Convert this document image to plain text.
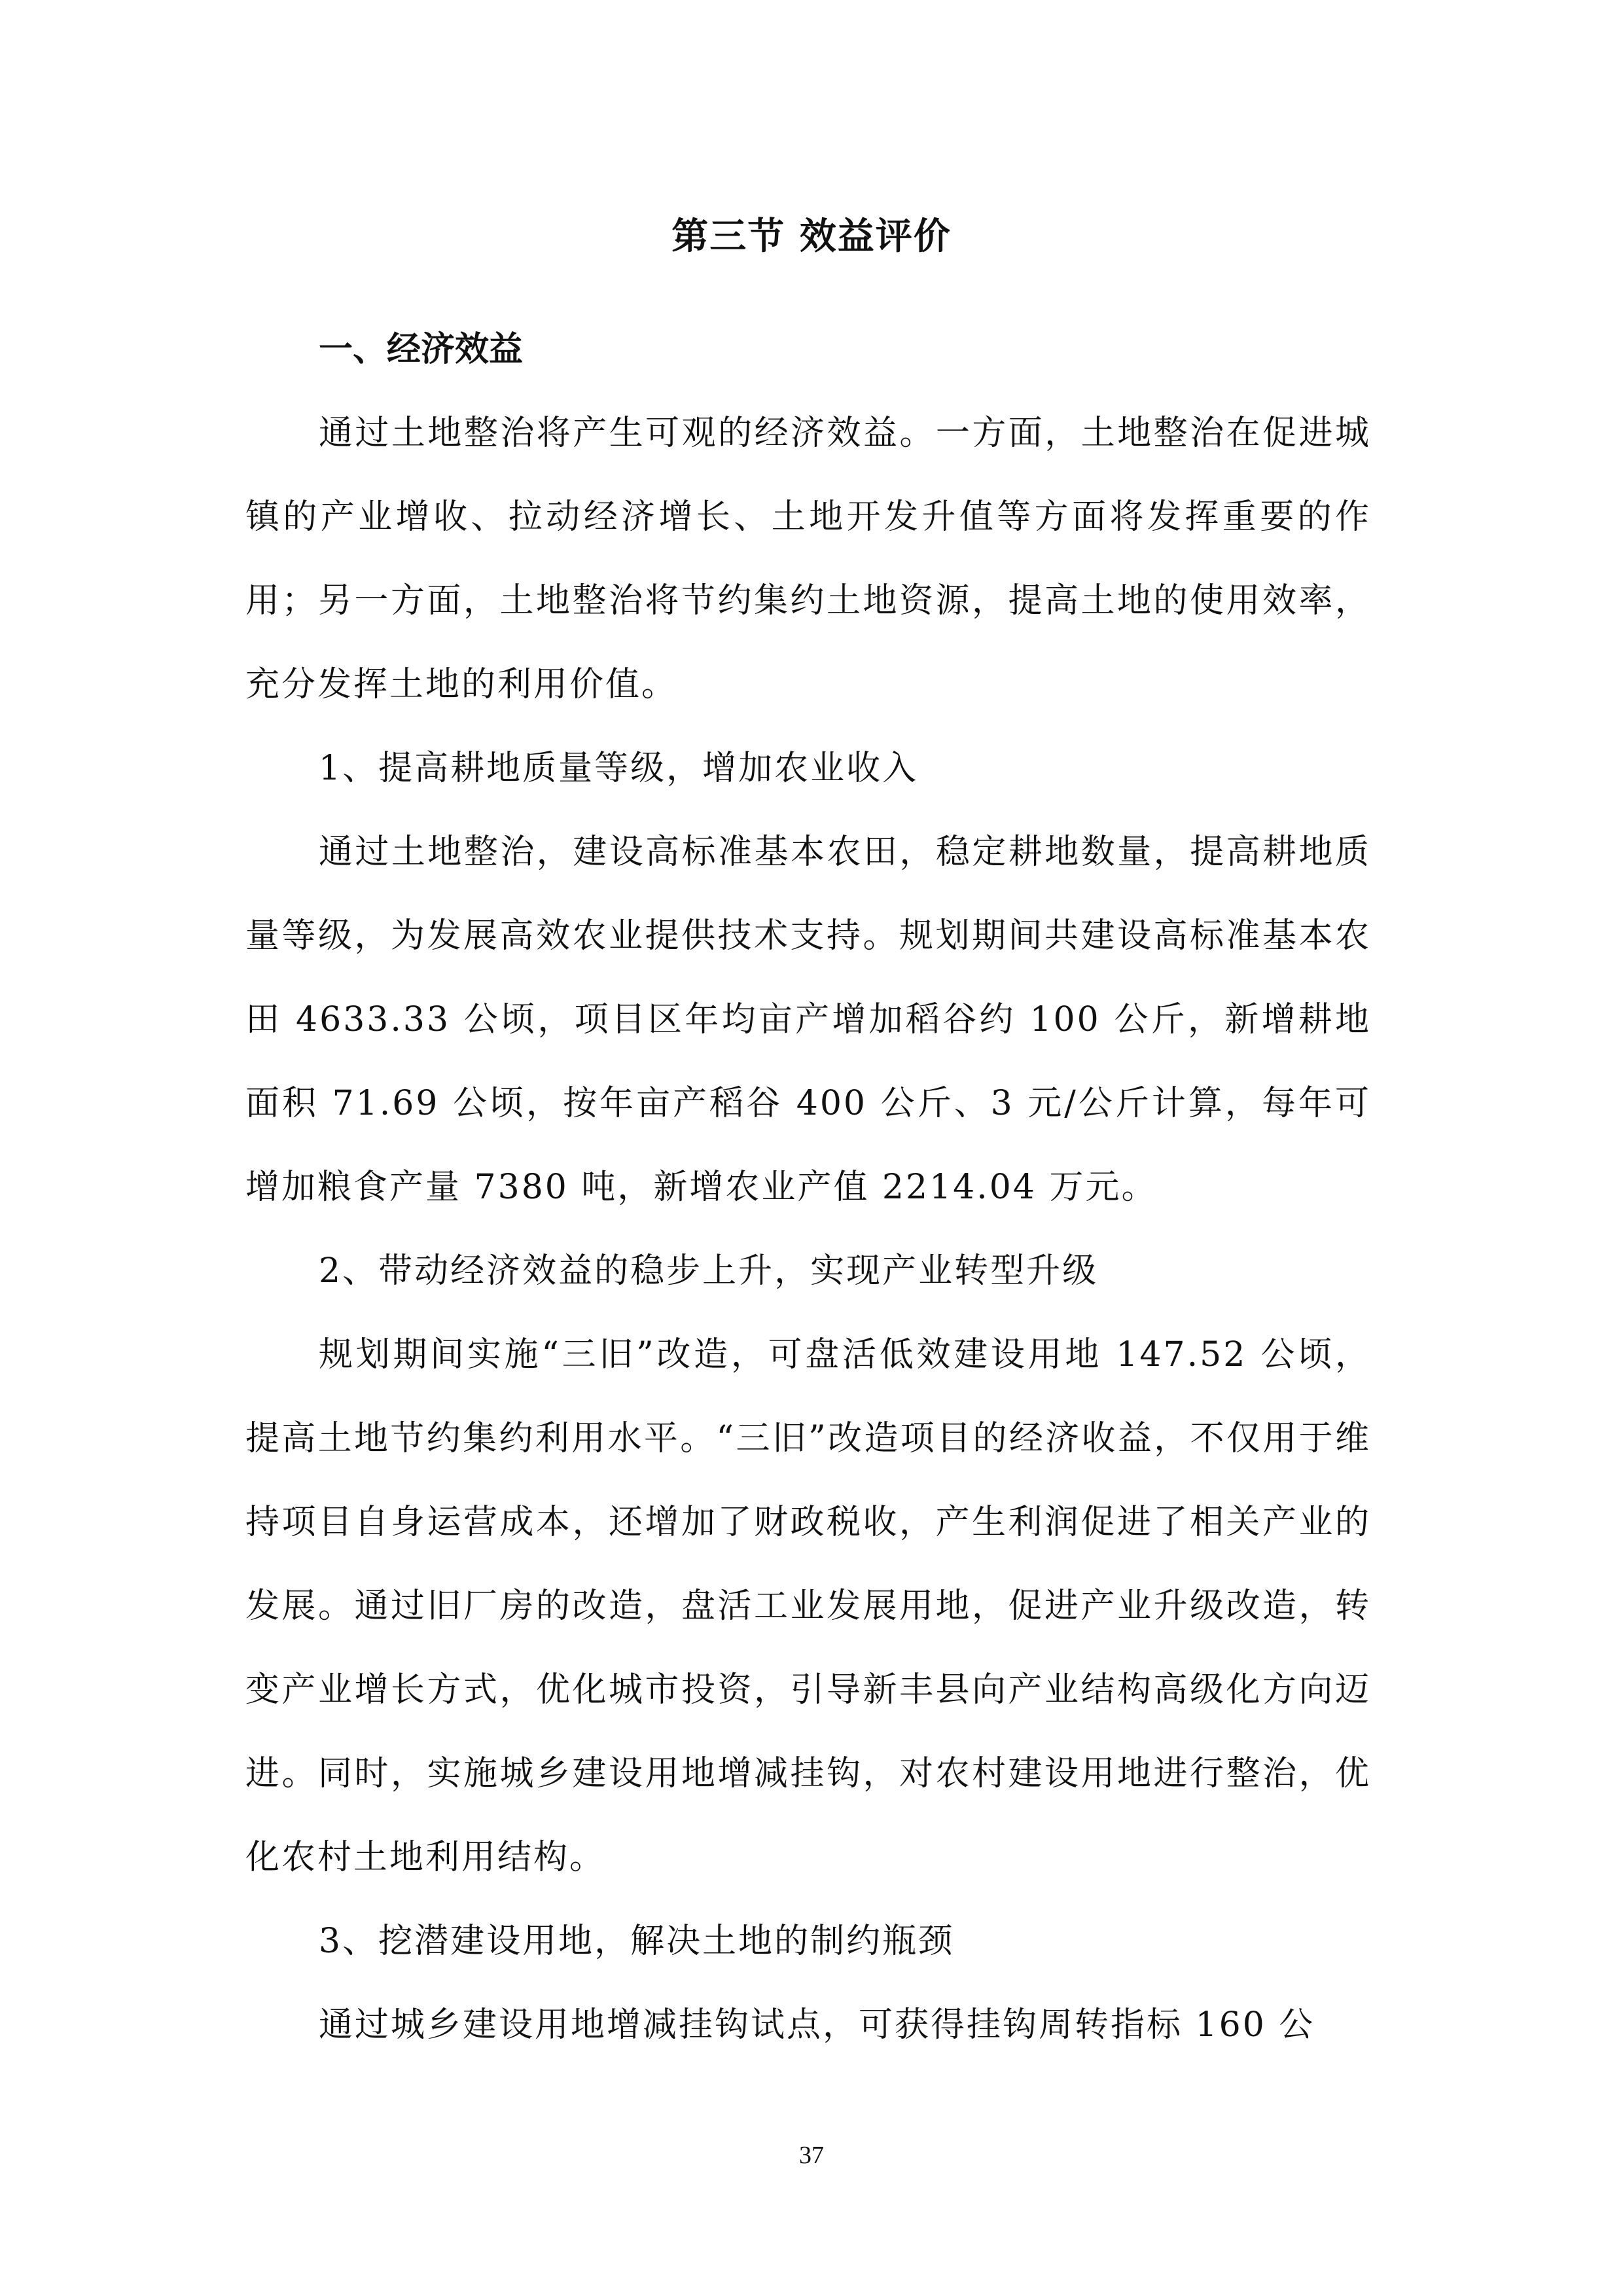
第三节 效益评价
一、经济效益

通过土地整治将产生可观的经济效益。一方面，土地整治在促进城镇的产业增收、拉动经济增长、土地开发升值等方面将发挥重要的作用；另一方面，土地整治将节约集约土地资源，提高土地的使用效率，充分发挥土地的利用价值。

1、提高耕地质量等级，增加农业收入

通过土地整治，建设高标准基本农田，稳定耕地数量，提高耕地质量等级，为发展高效农业提供技术支持。规划期间共建设高标准基本农田 4633.33 公顷，项目区年均亩产增加稻谷约 100 公斤，新增耕地面积 71.69 公顷，按年亩产稻谷 400 公斤、3 元/公斤计算，每年可增加粮食产量 7380 吨，新增农业产值 2214.04 万元。

2、带动经济效益的稳步上升，实现产业转型升级

规划期间实施“三旧”改造，可盘活低效建设用地 147.52 公顷，提高土地节约集约利用水平。“三旧”改造项目的经济收益，不仅用于维持项目自身运营成本，还增加了财政税收，产生利润促进了相关产业的发展。通过旧厂房的改造，盘活工业发展用地，促进产业升级改造，转变产业增长方式，优化城市投资，引导新丰县向产业结构高级化方向迈进。同时，实施城乡建设用地增减挂钩，对农村建设用地进行整治，优化农村土地利用结构。

3、挖潜建设用地，解决土地的制约瓶颈

通过城乡建设用地增减挂钩试点，可获得挂钩周转指标 160 公

37
